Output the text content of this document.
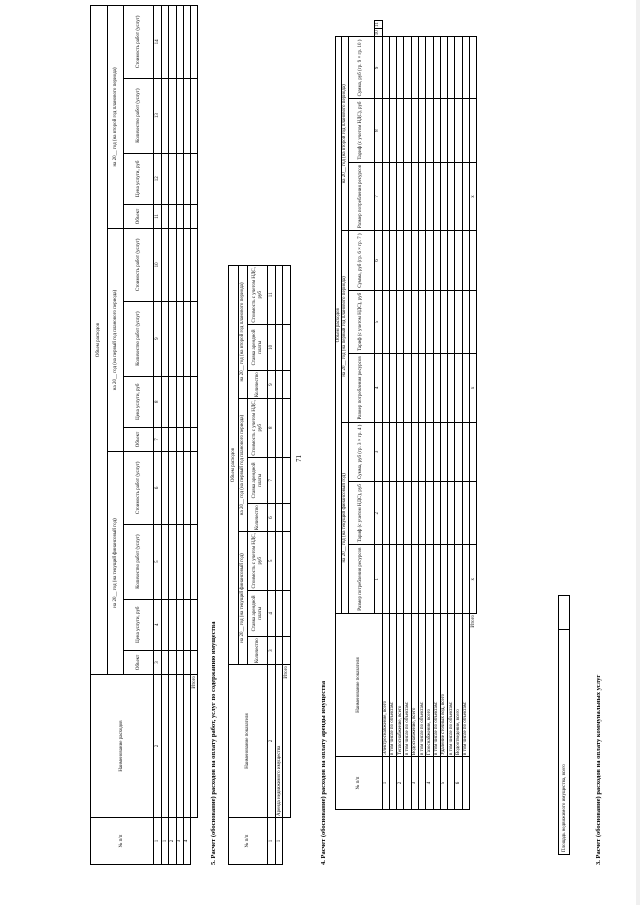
71
3. Расчет (обоснование) расходов на оплату коммунальных услуг
Площадь недвижимого имущества, всего	
№ п/п	Наименование показателя	Объем расходов										
		на 20__ год (на текущий финансовый год)			на 20__ год (на первый год планового периода)			на 20__ год (на второй год планового периода)				
		Размер потребления ресурсов	Тариф (с учетом НДС), руб	Сумма, руб (гр. 3 × гр. 4 )	Размер потребления ресурсов	Тариф (с учетом НДС), руб	Сумма, руб (гр. 6 × гр. 7 )	Размер потребления ресурсов	Тариф (с учетом НДС), руб	Сумма, руб (гр. 9 × гр. 10 )		
		1	2	3	4	5	6	7	8	9	10	11
1	Электроснабжение, всего											
	в том числе по объектам:											
2	Теплоснабжение, всего											
	в том числе по объектам:											
3	Водоснабжение, всего											
	в том числе по объектам:											
4	Газоснабжение, всего											
	в том числе по объектам:											
5	Удаление сточных вод, всего											
	в том числе по объектам:											
6	Водоотведение, всего											
	в том числе по объектам:											
	Итого	x			x			x				
4. Расчет (обоснование) расходов на оплату аренды имущества
№ п/п	Наименование показателя	Объем расходов								
		на 20__ год (на текущий финансовый год)			на 20__ год (на первый год планового периода)			на 20__ год (на второй год планового периода)		
		Количество	Ставка арендной платы	Стоимость с учетом НДС, руб	Количество	Ставка арендной платы	Стоимость с учетом НДС, руб	Количество	Ставка арендной платы	Стоимость с учетом НДС, руб
1	2	3	4	5	6	7	8	9	10	11
1	Аренда недвижимого имущества									
	Итого									
5. Расчет (обоснование) расходов на оплату работ, услуг по содержанию имущества
№ п/п	Наименование расходов	Объем расходов											
		на 20__ год (на текущий финансовый год)				на 20__ год (на первый год планового периода)				на 20__ год (на второй год планового периода)			
		Объект	Цена услуги, руб	Количество работ (услуг)	Стоимость работ (услуг)	Объект	Цена услуги, руб	Количество работ (услуг)	Стоимость работ (услуг)	Объект	Цена услуги, руб	Количество работ (услуг)	Стоимость работ (услуг)
1	2	3	4	5	6	7	8	9	10	11	12	13	14
1													
2													
3													
4													
	Итого												
